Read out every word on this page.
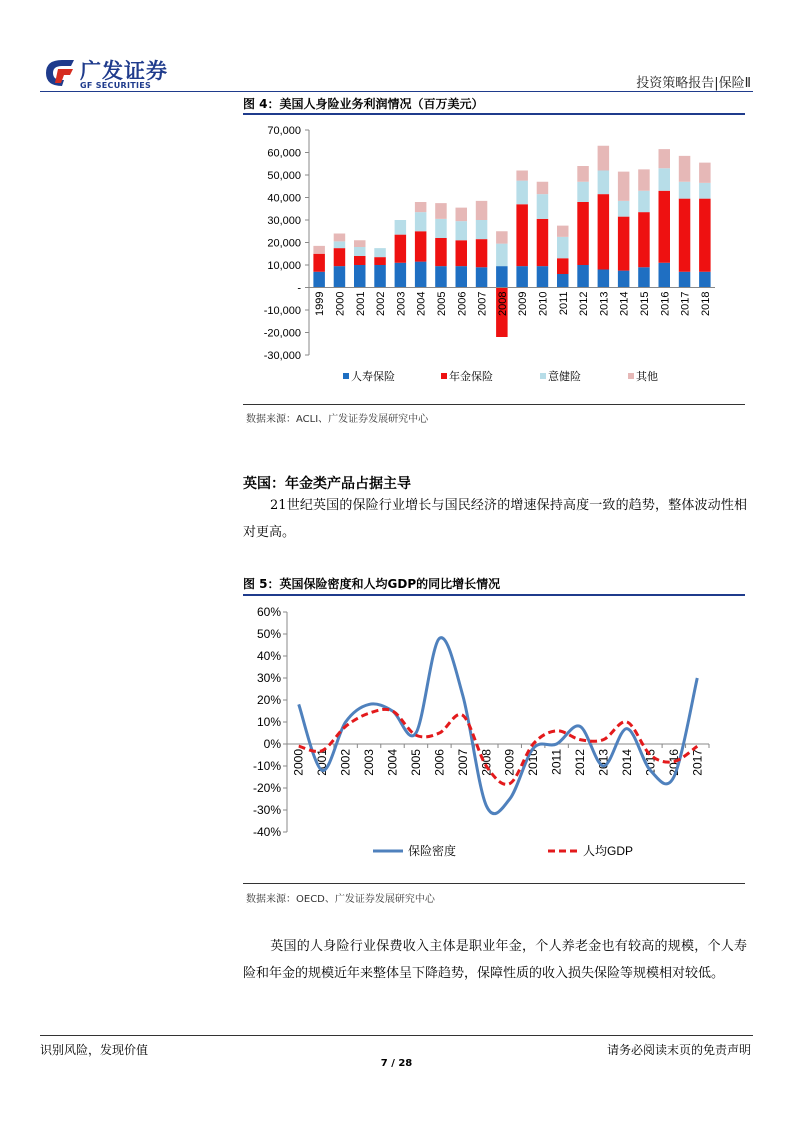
广发证券
GF SECURITIES	投资策略报告|保险Ⅱ
图 4：美国人身险业务利润情况（百万美元）
-30,000
-20,000
-10,000
-
10,000
20,000
30,000
40,000
50,000
60,000
70,000
1999 2000 2001 2002 2003 2004 2005 2006 2007 2008 2009 2010 2011 2012 2013 2014 2015 2016 2017 2018
人寿保险	年金保险	意健险	其他
数据来源：ACLI、广发证券发展研究中心
英国：年金类产品占据主导
21世纪英国的保险行业增长与国民经济的增速保持高度一致的趋势，整体波动性相对更高。
图 5：英国保险密度和人均GDP的同比增长情况
-40%
-30%
-20%
-10%
0%
10%
20%
30%
40%
50%
60%
2000 2001 2002 2003 2004 2005 2006 2007 2008 2009 2010 2011 2012 2013 2014 2015 2016 2017
保险密度	人均GDP
数据来源：OECD、广发证券发展研究中心
英国的人身险行业保费收入主体是职业年金，个人养老金也有较高的规模，个人寿险和年金的规模近年来整体呈下降趋势，保障性质的收入损失保险等规模相对较低。
识别风险，发现价值	请务必阅读末页的免责声明
7 / 28
